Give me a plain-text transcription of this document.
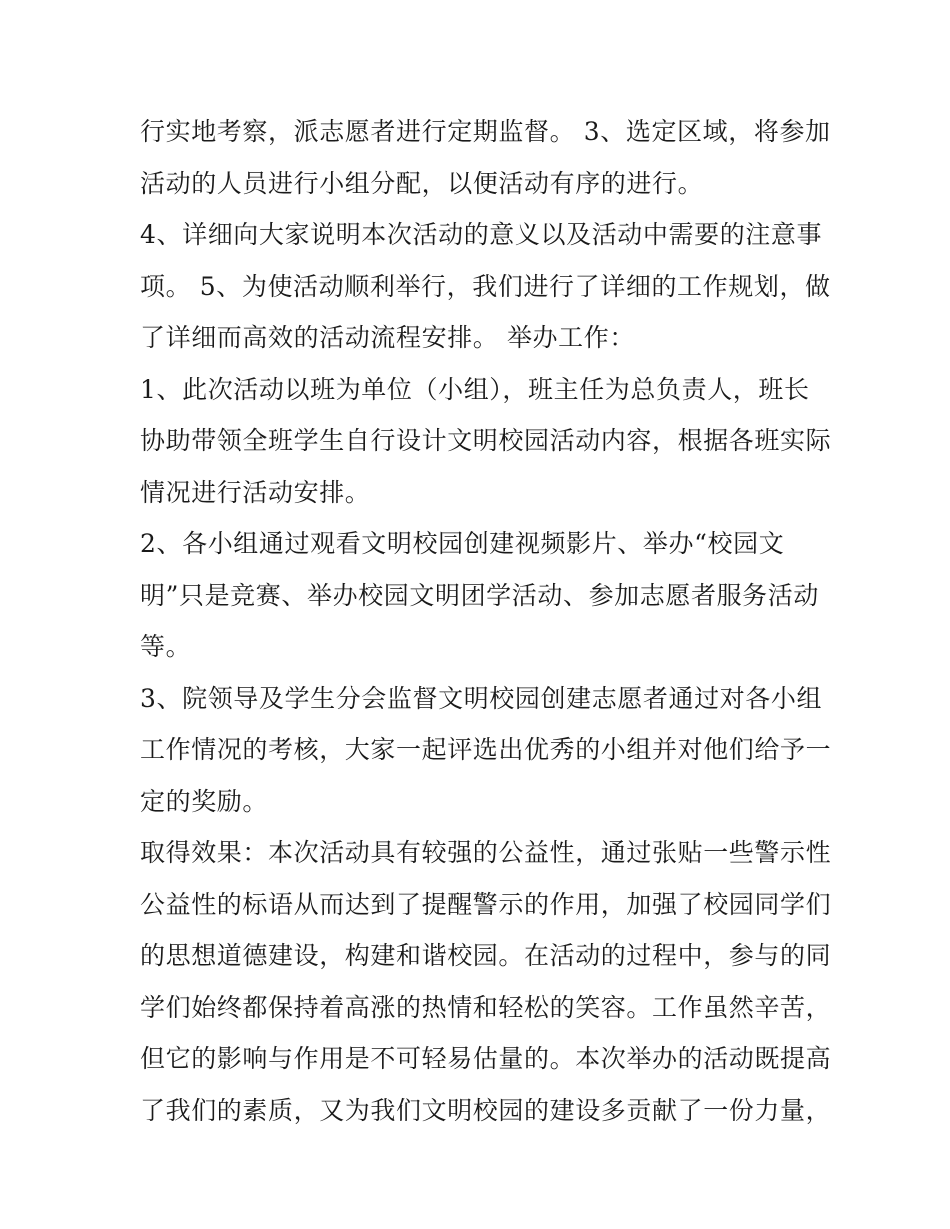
行实地考察，派志愿者进行定期监督。 3、选定区域，将参加
活动的人员进行小组分配，以便活动有序的进行。
4、详细向大家说明本次活动的意义以及活动中需要的注意事
项。 5、为使活动顺利举行，我们进行了详细的工作规划，做
了详细而高效的活动流程安排。 举办工作：
1、此次活动以班为单位（小组），班主任为总负责人，班长
协助带领全班学生自行设计文明校园活动内容，根据各班实际
情况进行活动安排。
2、各小组通过观看文明校园创建视频影片、举办“校园文
明”只是竞赛、举办校园文明团学活动、参加志愿者服务活动
等。
3、院领导及学生分会监督文明校园创建志愿者通过对各小组
工作情况的考核，大家一起评选出优秀的小组并对他们给予一
定的奖励。
取得效果：本次活动具有较强的公益性，通过张贴一些警示性
公益性的标语从而达到了提醒警示的作用，加强了校园同学们
的思想道德建设，构建和谐校园。在活动的过程中，参与的同
学们始终都保持着高涨的热情和轻松的笑容。工作虽然辛苦，
但它的影响与作用是不可轻易估量的。本次举办的活动既提高
了我们的素质，又为我们文明校园的建设多贡献了一份力量，
